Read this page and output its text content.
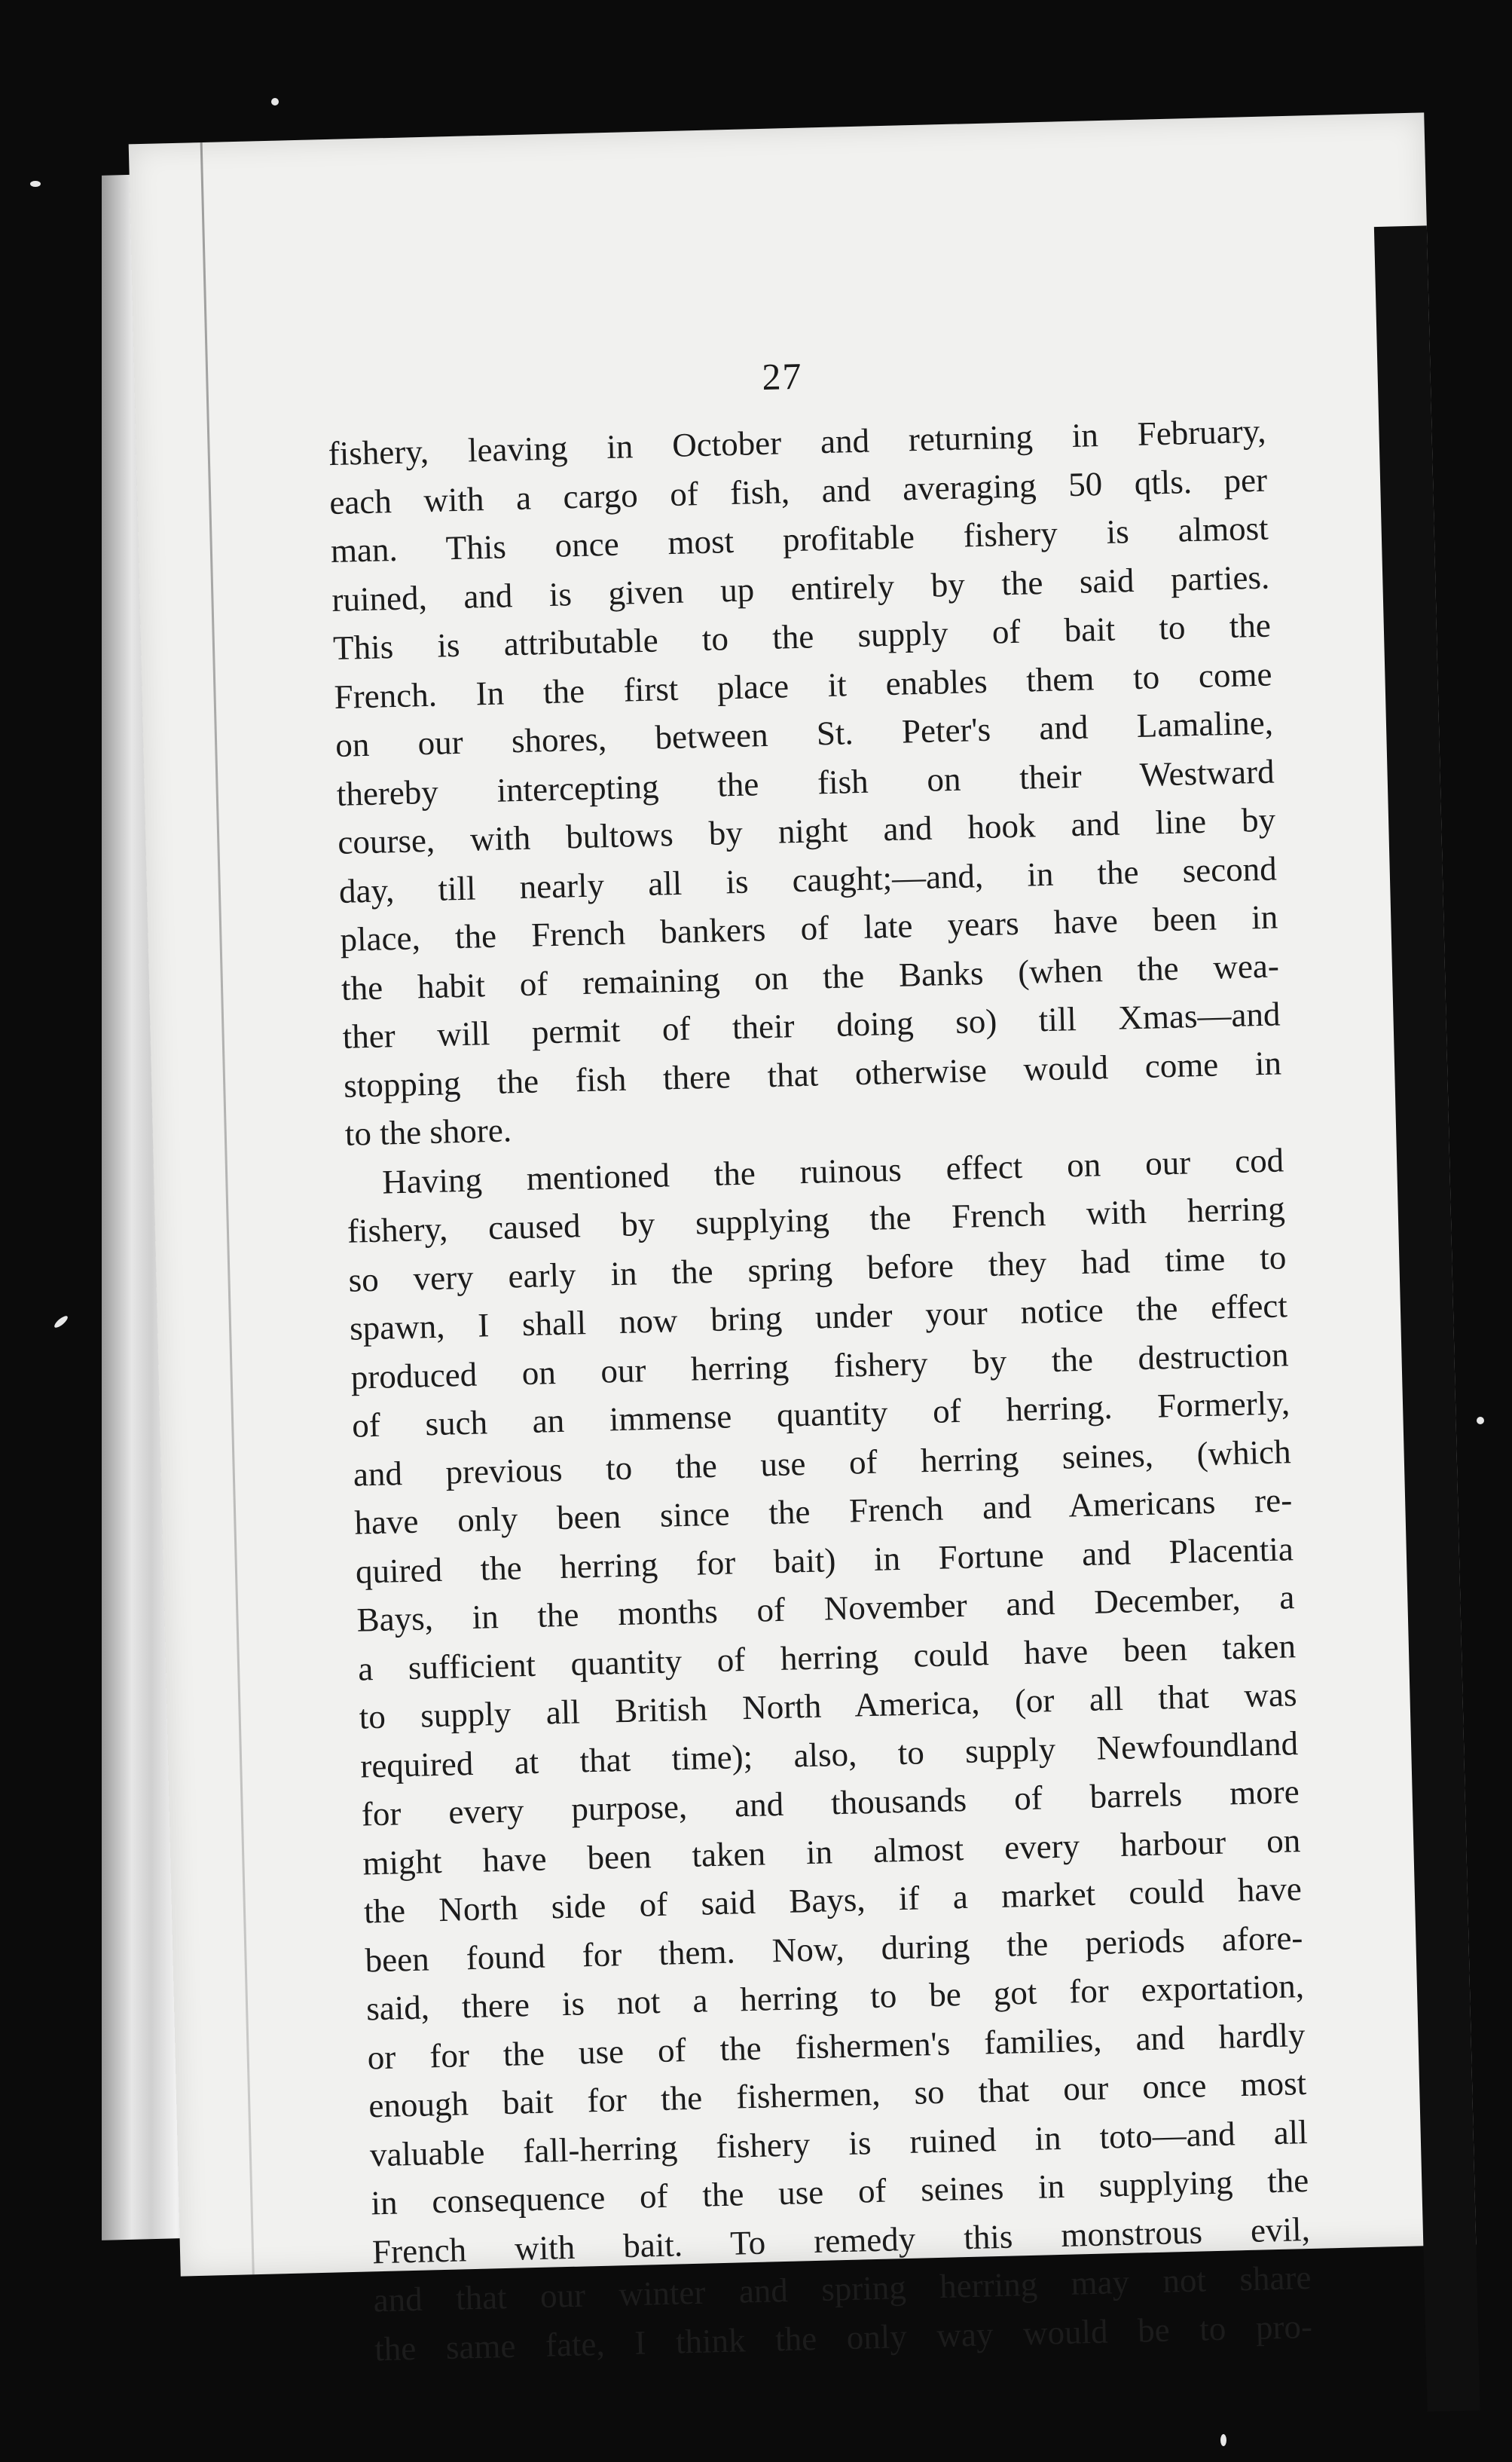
27
fishery, leaving in October and returning in February,
each with a cargo of fish, and averaging 50 qtls. per
man. This once most profitable fishery is almost
ruined, and is given up entirely by the said parties.
This is attributable to the supply of bait to the
French. In the first place it enables them to come
on our shores, between St. Peter's and Lamaline,
thereby intercepting the fish on their Westward
course, with bultows by night and hook and line by
day, till nearly all is caught;—and, in the second
place, the French bankers of late years have been in
the habit of remaining on the Banks (when the wea-
ther will permit of their doing so) till Xmas—and
stopping the fish there that otherwise would come in
to the shore.
Having mentioned the ruinous effect on our cod
fishery, caused by supplying the French with herring
so very early in the spring before they had time to
spawn, I shall now bring under your notice the effect
produced on our herring fishery by the destruction
of such an immense quantity of herring. Formerly,
and previous to the use of herring seines, (which
have only been since the French and Americans re-
quired the herring for bait) in Fortune and Placentia
Bays, in the months of November and December, a
a sufficient quantity of herring could have been taken
to supply all British North America, (or all that was
required at that time); also, to supply Newfoundland
for every purpose, and thousands of barrels more
might have been taken in almost every harbour on
the North side of said Bays, if a market could have
been found for them. Now, during the periods afore-
said, there is not a herring to be got for exportation,
or for the use of the fishermen's families, and hardly
enough bait for the fishermen, so that our once most
valuable fall-herring fishery is ruined in toto—and all
in consequence of the use of seines in supplying the
French with bait. To remedy this monstrous evil,
and that our winter and spring herring may not share
the same fate, I think the only way would be to pro-
